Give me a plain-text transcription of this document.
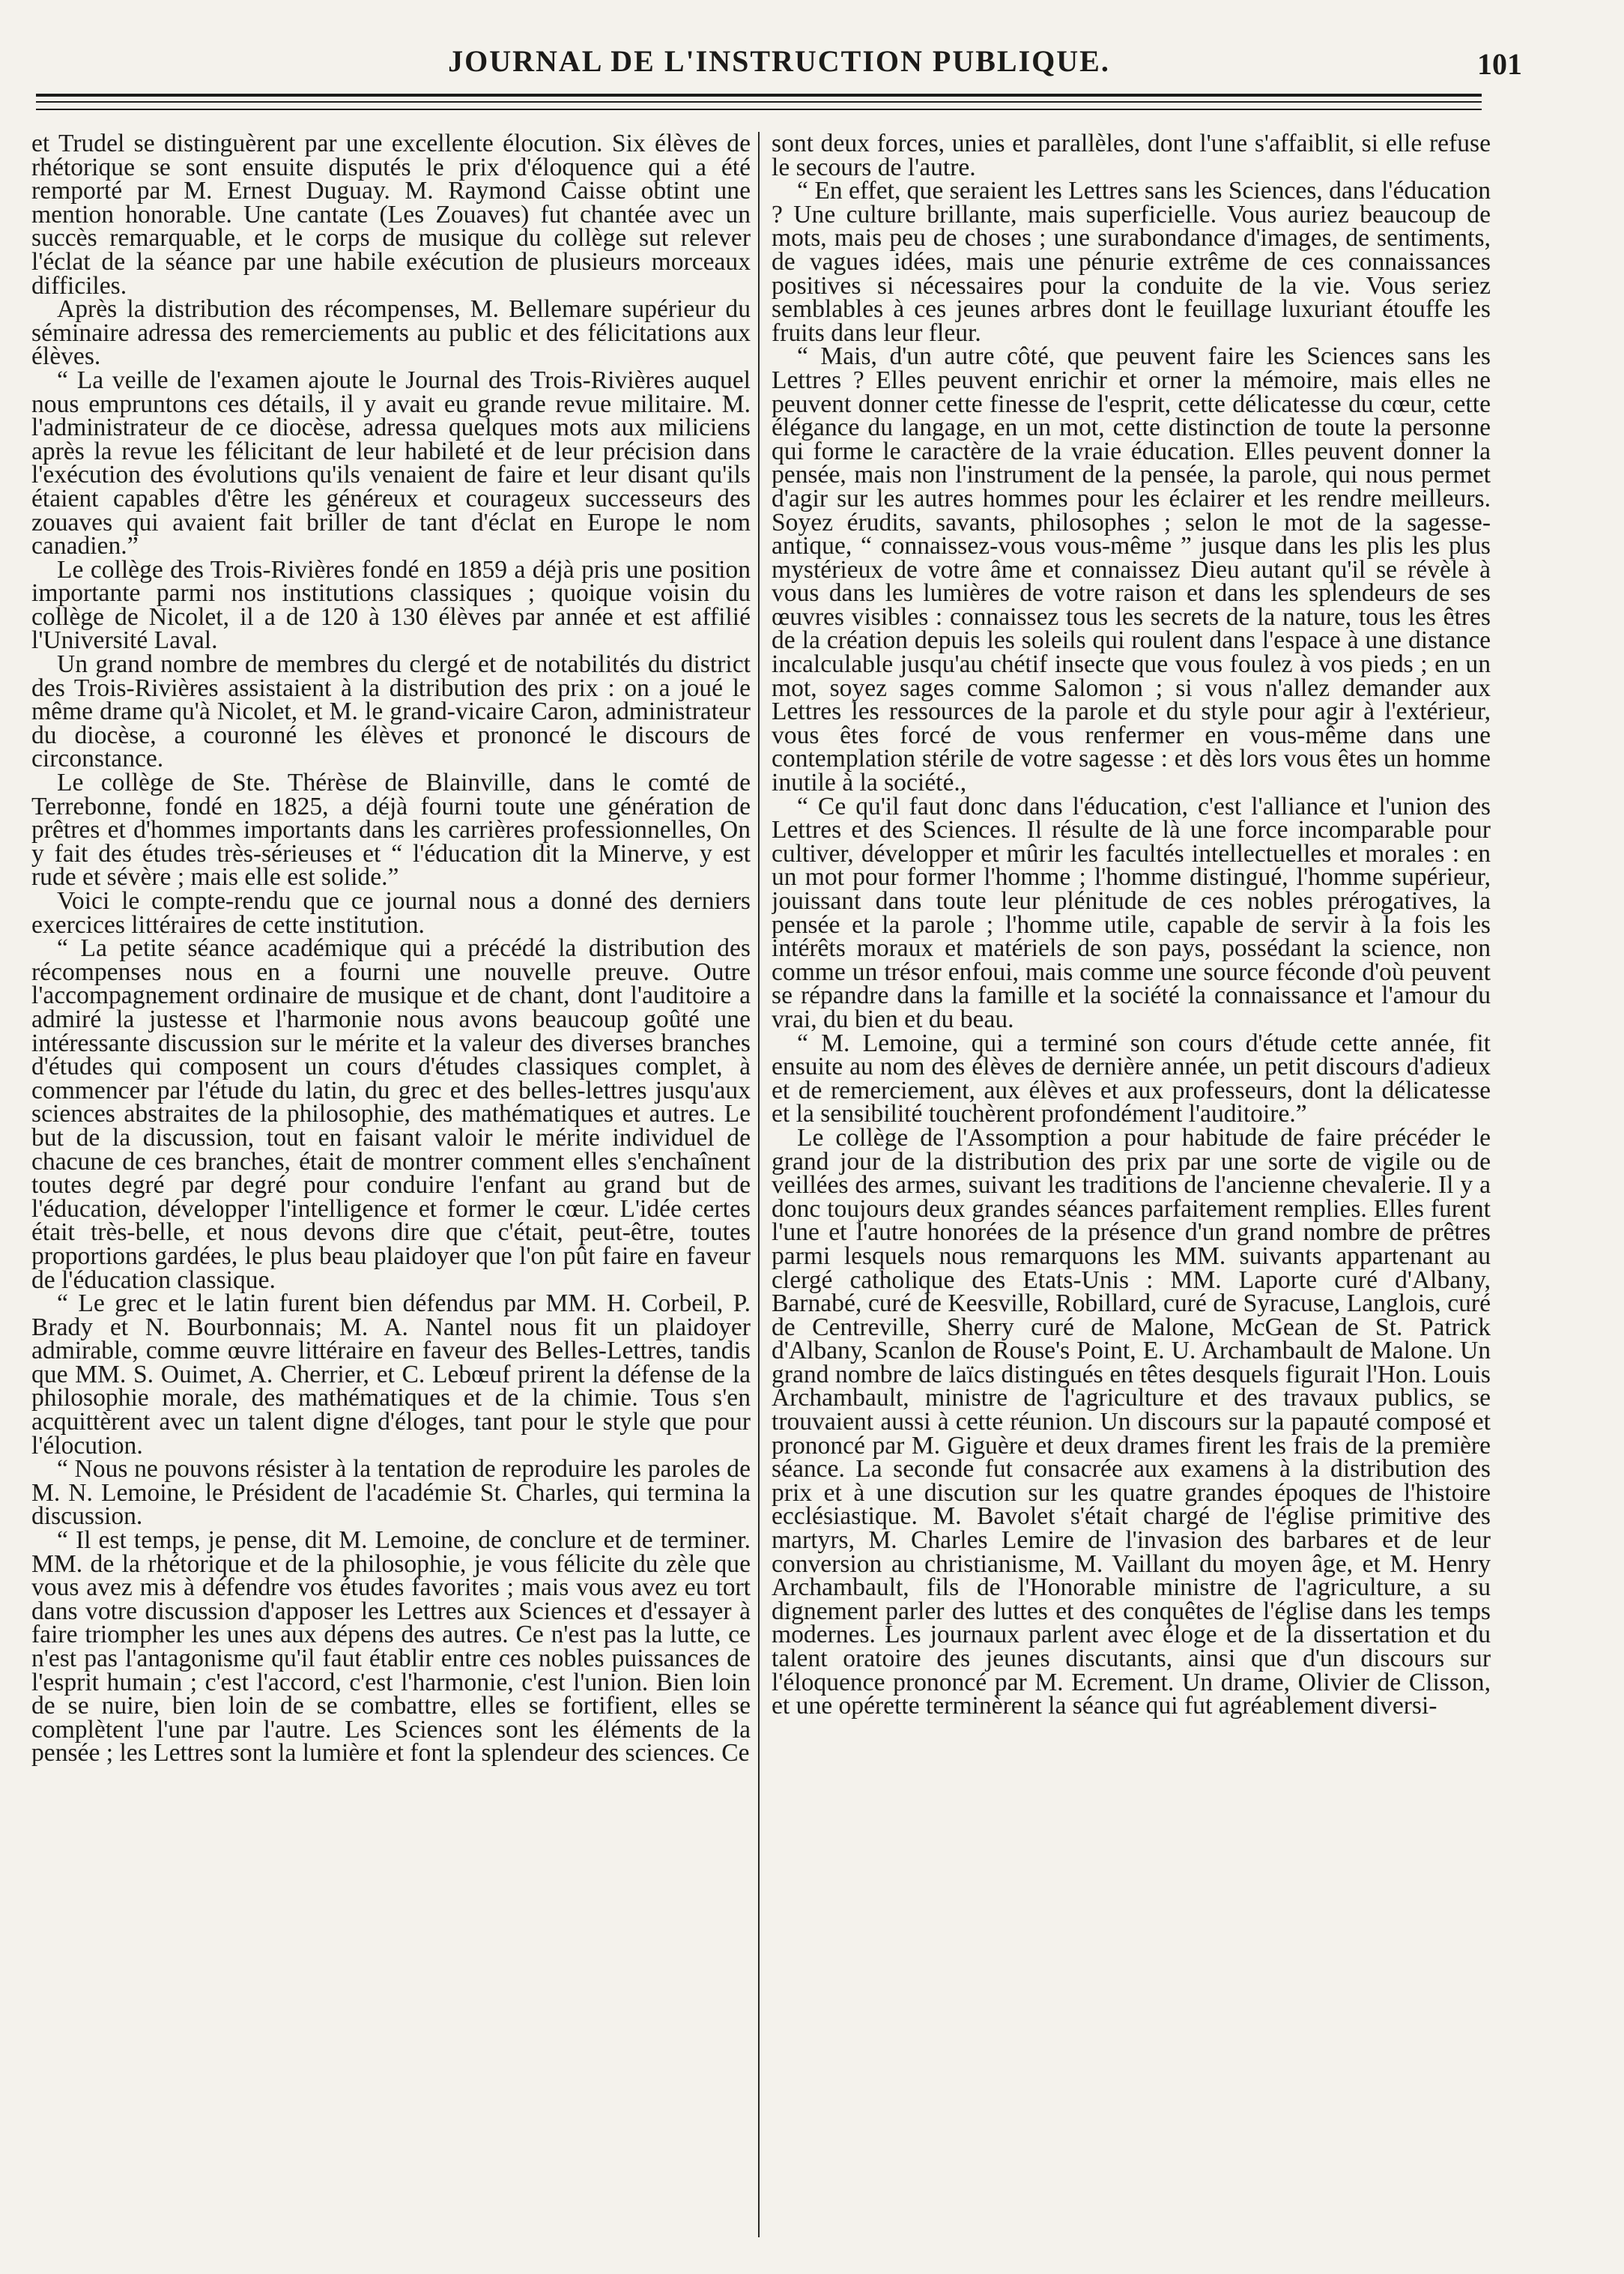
JOURNAL DE L'INSTRUCTION PUBLIQUE.	101

et Trudel se distinguèrent par une excellente élocution. Six élèves de rhétorique se sont ensuite disputés le prix d'éloquence qui a été remporté par M. Ernest Duguay. M. Raymond Caisse obtint une mention honorable. Une cantate (Les Zouaves) fut chantée avec un succès remarquable, et le corps de musique du collège sut relever l'éclat de la séance par une habile exécution de plusieurs morceaux difficiles.

Après la distribution des récompenses, M. Bellemare supérieur du séminaire adressa des remerciements au public et des félicitations aux élèves.

“ La veille de l'examen ajoute le Journal des Trois-Rivières auquel nous empruntons ces détails, il y avait eu grande revue militaire. M. l'administrateur de ce diocèse, adressa quelques mots aux miliciens après la revue les félicitant de leur habileté et de leur précision dans l'exécution des évolutions qu'ils venaient de faire et leur disant qu'ils étaient capables d'être les généreux et courageux successeurs des zouaves qui avaient fait briller de tant d'éclat en Europe le nom canadien.”

Le collège des Trois-Rivières fondé en 1859 a déjà pris une position importante parmi nos institutions classiques ; quoique voisin du collège de Nicolet, il a de 120 à 130 élèves par année et est affilié l'Université Laval.

Un grand nombre de membres du clergé et de notabilités du district des Trois-Rivières assistaient à la distribution des prix : on a joué le même drame qu'à Nicolet, et M. le grand-vicaire Caron, administrateur du diocèse, a couronné les élèves et prononcé le discours de circonstance.

Le collège de Ste. Thérèse de Blainville, dans le comté de Terrebonne, fondé en 1825, a déjà fourni toute une génération de prêtres et d'hommes importants dans les carrières professionnelles, On y fait des études très-sérieuses et “ l'éducation dit la Minerve, y est rude et sévère ; mais elle est solide.”

Voici le compte-rendu que ce journal nous a donné des derniers exercices littéraires de cette institution.

“ La petite séance académique qui a précédé la distribution des récompenses nous en a fourni une nouvelle preuve. Outre l'accompagnement ordinaire de musique et de chant, dont l'auditoire a admiré la justesse et l'harmonie nous avons beaucoup goûté une intéressante discussion sur le mérite et la valeur des diverses branches d'études qui composent un cours d'études classiques complet, à commencer par l'étude du latin, du grec et des belles-lettres jusqu'aux sciences abstraites de la philosophie, des mathématiques et autres. Le but de la discussion, tout en faisant valoir le mérite individuel de chacune de ces branches, était de montrer comment elles s'enchaînent toutes degré par degré pour conduire l'enfant au grand but de l'éducation, développer l'intelligence et former le cœur. L'idée certes était très-belle, et nous devons dire que c'était, peut-être, toutes proportions gardées, le plus beau plaidoyer que l'on pût faire en faveur de l'éducation classique.

“ Le grec et le latin furent bien défendus par MM. H. Corbeil, P. Brady et N. Bourbonnais; M. A. Nantel nous fit un plaidoyer admirable, comme œuvre littéraire en faveur des Belles-Lettres, tandis que MM. S. Ouimet, A. Cherrier, et C. Lebœuf prirent la défense de la philosophie morale, des mathématiques et de la chimie. Tous s'en acquittèrent avec un talent digne d'éloges, tant pour le style que pour l'élocution.

“ Nous ne pouvons résister à la tentation de reproduire les paroles de M. N. Lemoine, le Président de l'académie St. Charles, qui termina la discussion.

“ Il est temps, je pense, dit M. Lemoine, de conclure et de terminer. MM. de la rhétorique et de la philosophie, je vous félicite du zèle que vous avez mis à défendre vos études favorites ; mais vous avez eu tort dans votre discussion d'apposer les Lettres aux Sciences et d'essayer à faire triompher les unes aux dépens des autres. Ce n'est pas la lutte, ce n'est pas l'antagonisme qu'il faut établir entre ces nobles puissances de l'esprit humain ; c'est l'accord, c'est l'harmonie, c'est l'union. Bien loin de se nuire, bien loin de se combattre, elles se fortifient, elles se complètent l'une par l'autre. Les Sciences sont les éléments de la pensée ; les Lettres sont la lumière et font la splendeur des sciences. Ce

sont deux forces, unies et parallèles, dont l'une s'affaiblit, si elle refuse le secours de l'autre.

“ En effet, que seraient les Lettres sans les Sciences, dans l'éducation ? Une culture brillante, mais superficielle. Vous auriez beaucoup de mots, mais peu de choses ; une surabondance d'images, de sentiments, de vagues idées, mais une pénurie extrême de ces connaissances positives si nécessaires pour la conduite de la vie. Vous seriez semblables à ces jeunes arbres dont le feuillage luxuriant étouffe les fruits dans leur fleur.

“ Mais, d'un autre côté, que peuvent faire les Sciences sans les Lettres ? Elles peuvent enrichir et orner la mémoire, mais elles ne peuvent donner cette finesse de l'esprit, cette délicatesse du cœur, cette élégance du langage, en un mot, cette distinction de toute la personne qui forme le caractère de la vraie éducation. Elles peuvent donner la pensée, mais non l'instrument de la pensée, la parole, qui nous permet d'agir sur les autres hommes pour les éclairer et les rendre meilleurs. Soyez érudits, savants, philosophes ; selon le mot de la sagesse-antique, “ connaissez-vous vous-même ” jusque dans les plis les plus mystérieux de votre âme et connaissez Dieu autant qu'il se révèle à vous dans les lumières de votre raison et dans les splendeurs de ses œuvres visibles : connaissez tous les secrets de la nature, tous les êtres de la création depuis les soleils qui roulent dans l'espace à une distance incalculable jusqu'au chétif insecte que vous foulez à vos pieds ; en un mot, soyez sages comme Salomon ; si vous n'allez demander aux Lettres les ressources de la parole et du style pour agir à l'extérieur, vous êtes forcé de vous renfermer en vous-même dans une contemplation stérile de votre sagesse : et dès lors vous êtes un homme inutile à la société.,

“ Ce qu'il faut donc dans l'éducation, c'est l'alliance et l'union des Lettres et des Sciences. Il résulte de là une force incomparable pour cultiver, développer et mûrir les facultés intellectuelles et morales : en un mot pour former l'homme ; l'homme distingué, l'homme supérieur, jouissant dans toute leur plénitude de ces nobles prérogatives, la pensée et la parole ; l'homme utile, capable de servir à la fois les intérêts moraux et matériels de son pays, possédant la science, non comme un trésor enfoui, mais comme une source féconde d'où peuvent se répandre dans la famille et la société la connaissance et l'amour du vrai, du bien et du beau.

“ M. Lemoine, qui a terminé son cours d'étude cette année, fit ensuite au nom des élèves de dernière année, un petit discours d'adieux et de remerciement, aux élèves et aux professeurs, dont la délicatesse et la sensibilité touchèrent profondément l'auditoire.”

Le collège de l'Assomption a pour habitude de faire précéder le grand jour de la distribution des prix par une sorte de vigile ou de veillées des armes, suivant les traditions de l'ancienne chevalerie. Il y a donc toujours deux grandes séances parfaitement remplies. Elles furent l'une et l'autre honorées de la présence d'un grand nombre de prêtres parmi lesquels nous remarquons les MM. suivants appartenant au clergé catholique des Etats-Unis : MM. Laporte curé d'Albany, Barnabé, curé de Keesville, Robillard, curé de Syracuse, Langlois, curé de Centreville, Sherry curé de Malone, McGean de St. Patrick d'Albany, Scanlon de Rouse's Point, E. U. Archambault de Malone. Un grand nombre de laïcs distingués en têtes desquels figurait l'Hon. Louis Archambault, ministre de l'agriculture et des travaux publics, se trouvaient aussi à cette réunion. Un discours sur la papauté composé et prononcé par M. Giguère et deux drames firent les frais de la première séance. La seconde fut consacrée aux examens à la distribution des prix et à une discution sur les quatre grandes époques de l'histoire ecclésiastique. M. Bavolet s'était chargé de l'église primitive des martyrs, M. Charles Lemire de l'invasion des barbares et de leur conversion au christianisme, M. Vaillant du moyen âge, et M. Henry Archambault, fils de l'Honorable ministre de l'agriculture, a su dignement parler des luttes et des conquêtes de l'église dans les temps modernes. Les journaux parlent avec éloge et de la dissertation et du talent oratoire des jeunes discutants, ainsi que d'un discours sur l'éloquence prononcé par M. Ecrement. Un drame, Olivier de Clisson, et une opérette terminèrent la séance qui fut agréablement diversi-
